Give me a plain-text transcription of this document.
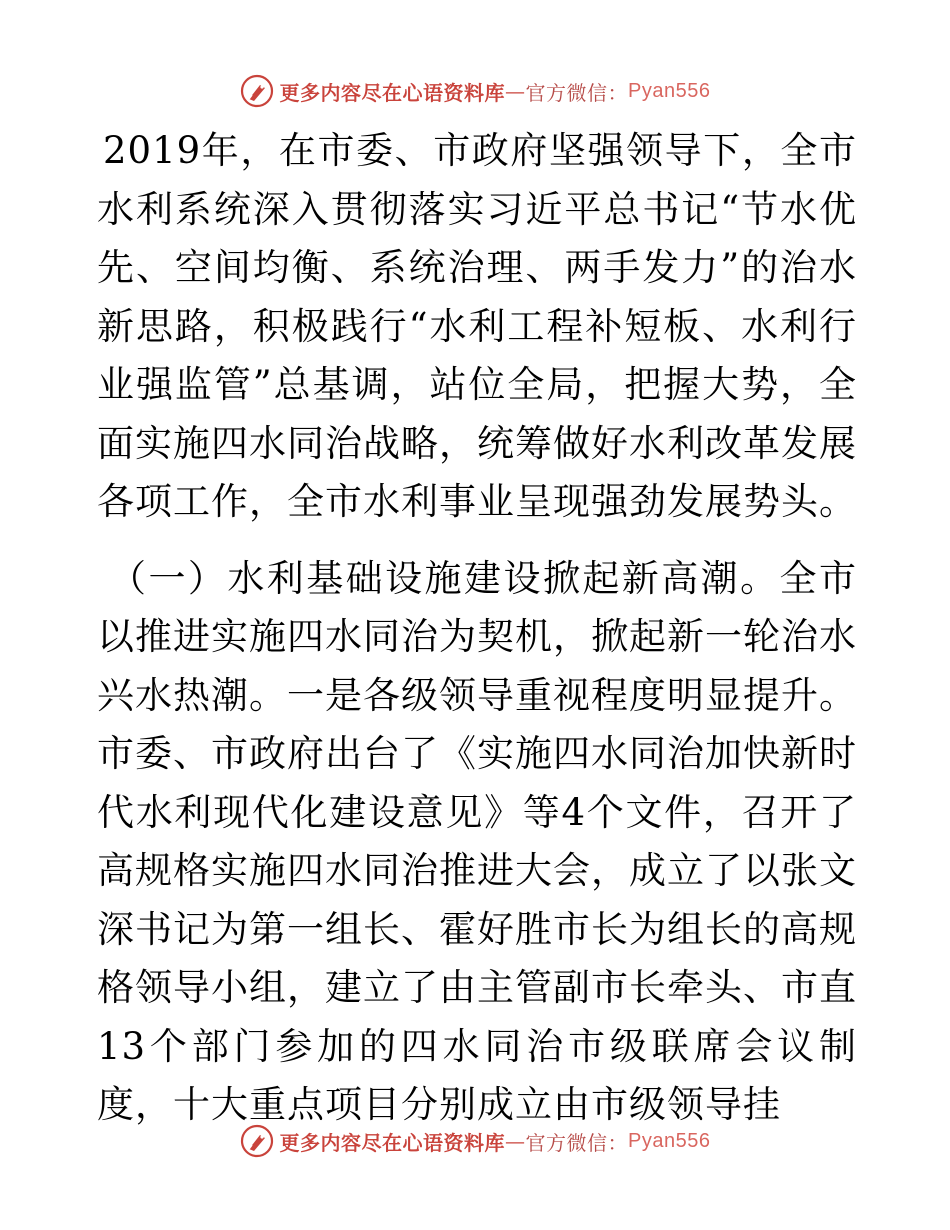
更多内容尽在心语资料库 — 官方微信： Pyan556

2019年，在市委、市政府坚强领导下，全市水利系统深入贯彻落实习近平总书记“节水优先、空间均衡、系统治理、两手发力”的治水新思路，积极践行“水利工程补短板、水利行业强监管”总基调，站位全局，把握大势，全面实施四水同治战略，统筹做好水利改革发展各项工作，全市水利事业呈现强劲发展势头。

（一）水利基础设施建设掀起新高潮。全市以推进实施四水同治为契机，掀起新一轮治水兴水热潮。一是各级领导重视程度明显提升。市委、市政府出台了《实施四水同治加快新时代水利现代化建设意见》等4个文件，召开了高规格实施四水同治推进大会，成立了以张文深书记为第一组长、霍好胜市长为组长的高规格领导小组，建立了由主管副市长牵头、市直13个部门参加的四水同治市级联席会议制度，十大重点项目分别成立由市级领导挂

更多内容尽在心语资料库 — 官方微信： Pyan556
